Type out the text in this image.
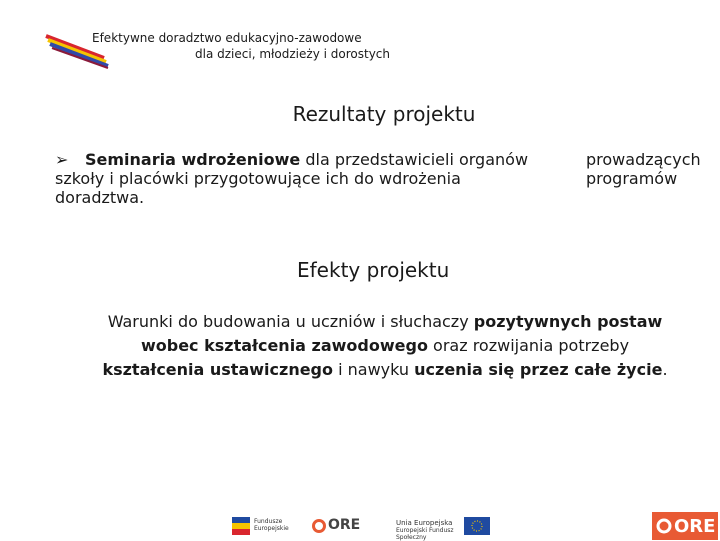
Efektywne doradztwo edukacyjno-zawodowe
dla dzieci, młodzieży i dorostych
Rezultaty projektu
➢ Seminaria wdrożeniowe dla przedstawicieli organów
szkoły i placówki przygotowujące ich do wdrożenia
doradztwa.
prowadzących
programów
Efekty projektu
Warunki do budowania u uczniów i słuchaczy pozytywnych postaw
wobec kształcenia zawodowego oraz rozwijania potrzeby
kształcenia ustawicznego i nawyku uczenia się przez całe życie.
Fundusze
Europejskie	ORE	Unia Europejska
Europejski Fundusz Społeczny
ORE
